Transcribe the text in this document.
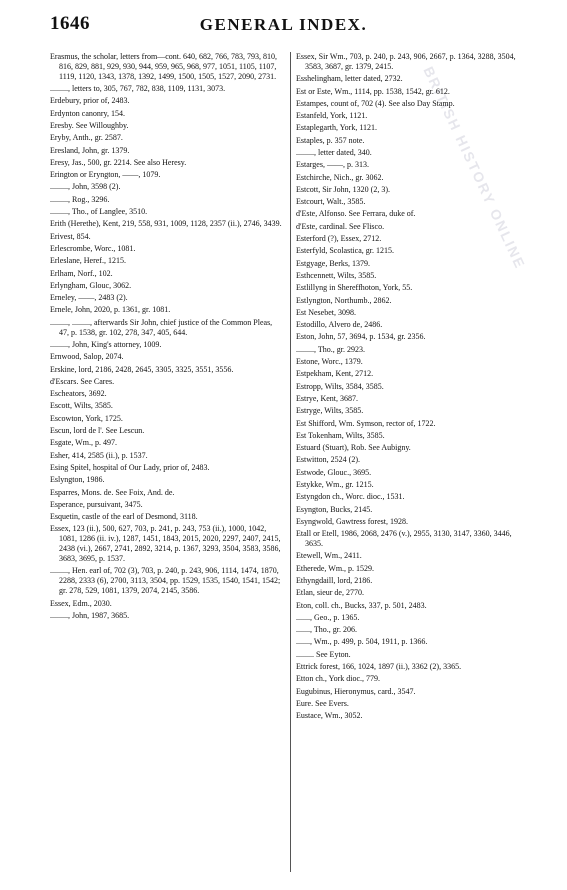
1646	GENERAL INDEX.
BRITISH HISTORY ONLINE

Erasmus, the scholar, letters from—cont. 640, 682, 766, 783, 793, 810, 816, 829, 881, 929, 930, 944, 959, 965, 968, 977, 1051, 1105, 1107, 1119, 1120, 1343, 1378, 1392, 1499, 1500, 1505, 1527, 2090, 2731.

........., letters to, 305, 767, 782, 838, 1109, 1131, 3073.

Erdebury, prior of, 2483.

Erdynton canonry, 154.

Eresby. See Willoughby.

Eryby, Anth., gr. 2587.

Eresland, John, gr. 1379.

Eresy, Jas., 500, gr. 2214. See also Heresy.

Erington or Eryngton, ——, 1079.

........., John, 3598 (2).

........., Rog., 3296.

........., Tho., of Langlee, 3510.

Erith (Herethe), Kent, 219, 558, 931, 1009, 1128, 2357 (ii.), 2746, 3439.

Erivest, 854.

Erlescrombe, Worc., 1081.

Erleslane, Heref., 1215.

Erlham, Norf., 102.

Erlyngham, Glouc, 3062.

Erneley, ——, 2483 (2).

Ernele, John, 2020, p. 1361, gr. 1081.

........., ........., afterwards Sir John, chief justice of the Common Pleas, 47, p. 1538, gr. 102, 278, 347, 405, 644.

........., John, King's attorney, 1009.

Ernwood, Salop, 2074.

Erskine, lord, 2186, 2428, 2645, 3305, 3325, 3551, 3556.

d'Escars. See Cares.

Escheators, 3692.

Escott, Wilts, 3585.

Escowton, York, 1725.

Escun, lord de l'. See Lescun.

Esgate, Wm., p. 497.

Esher, 414, 2585 (ii.), p. 1537.

Esing Spitel, hospital of Our Lady, prior of, 2483.

Eslyngton, 1986.

Esparres, Mons. de. See Foix, And. de.

Esperance, pursuivant, 3475.

Esquetin, castle of the earl of Desmond, 3118.

Essex, 123 (ii.), 500, 627, 703, p. 241, p. 243, 753 (ii.), 1000, 1042, 1081, 1286 (ii. iv.), 1287, 1451, 1843, 2015, 2020, 2297, 2407, 2415, 2438 (vi.), 2667, 2741, 2892, 3214, p. 1367, 3293, 3504, 3583, 3586, 3683, 3695, p. 1537.

........., Hen. earl of, 702 (3), 703, p. 240, p. 243, 906, 1114, 1474, 1870, 2288, 2333 (6), 2700, 3113, 3504, pp. 1529, 1535, 1540, 1541, 1542; gr. 278, 529, 1081, 1379, 2074, 2145, 3586.

Essex, Edm., 2030.

........., John, 1987, 3685.

Essex, Sir Wm., 703, p. 240, p. 243, 906, 2667, p. 1364, 3288, 3504, 3583, 3687, gr. 1379, 2415.

Esshelingham, letter dated, 2732.

Est or Este, Wm., 1114, pp. 1538, 1542, gr. 612.

Estampes, count of, 702 (4). See also Day Stamp.

Estanfeld, York, 1121.

Estaplegarth, York, 1121.

Estaples, p. 357 note.

........., letter dated, 340.

Estarges, ——, p. 313.

Estchirche, Nich., gr. 3062.

Estcott, Sir John, 1320 (2, 3).

Estcourt, Walt., 3585.

d'Este, Alfonso. See Ferrara, duke of.

d'Este, cardinal. See Flisco.

Esterford (?), Essex, 2712.

Esterfyld, Scolastica, gr. 1215.

Estgyage, Berks, 1379.

Esthcennett, Wilts, 3585.

Estlillyng in Shereffhoton, York, 55.

Estlyngton, Northumb., 2862.

Est Nesebet, 3098.

Estodillo, Alvero de, 2486.

Eston, John, 57, 3694, p. 1534, gr. 2356.

........., Tho., gr. 2923.

Estone, Worc., 1379.

Estpekham, Kent, 2712.

Estropp, Wilts, 3584, 3585.

Estrye, Kent, 3687.

Estryge, Wilts, 3585.

Est Shifford, Wm. Symson, rector of, 1722.

Est Tokenham, Wilts, 3585.

Estuard (Stuart), Rob. See Aubigny.

Estwitton, 2524 (2).

Estwode, Glouc., 3695.

Estykke, Wm., gr. 1215.

Estyngdon ch., Worc. dioc., 1531.

Esyngton, Bucks, 2145.

Esyngwold, Gawtress forest, 1928.

Etall or Etell, 1986, 2068, 2476 (v.), 2955, 3130, 3147, 3360, 3446, 3635.

Etewell, Wm., 2411.

Etherede, Wm., p. 1529.

Ethyngdaill, lord, 2186.

Etlan, sieur de, 2770.

Eton, coll. ch., Bucks, 337, p. 501, 2483.

......., Geo., p. 1365.

......., Tho., gr. 206.

......., Wm., p. 499, p. 504, 1911, p. 1366.

......... See Eyton.

Ettrick forest, 166, 1024, 1897 (ii.), 3362 (2), 3365.

Etton ch., York dioc., 779.

Eugubinus, Hieronymus, card., 3547.

Eure. See Evers.

Eustace, Wm., 3052.
